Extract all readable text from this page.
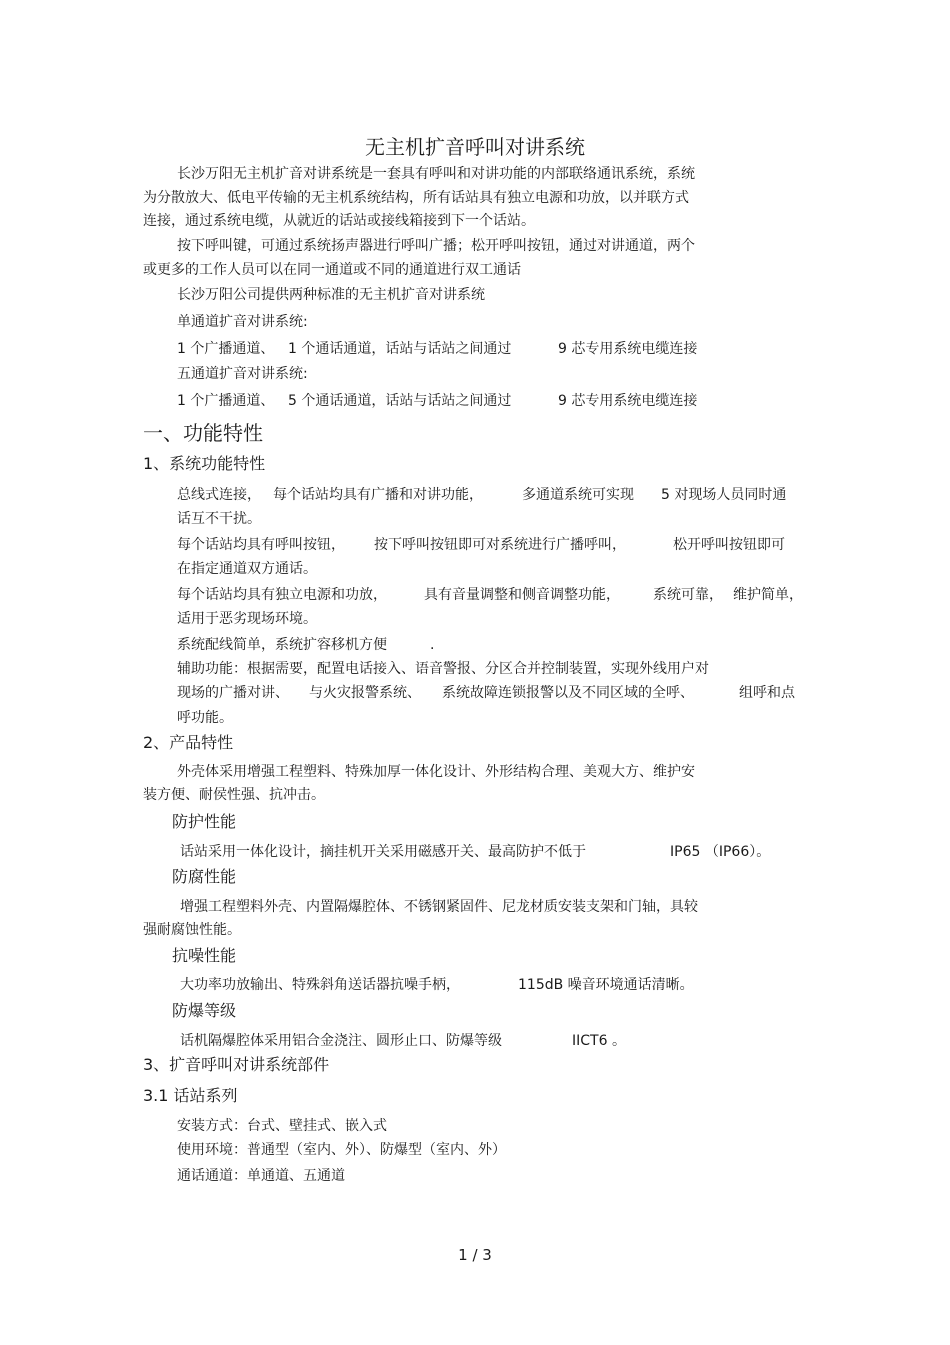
无主机扩音呼叫对讲系统
长沙万阳无主机扩音对讲系统是一套具有呼叫和对讲功能的内部联络通讯系统，系统
为分散放大、低电平传输的无主机系统结构，所有话站具有独立电源和功放，以并联方式
连接，通过系统电缆，从就近的话站或接线箱接到下一个话站。
按下呼叫键，可通过系统扬声器进行呼叫广播；松开呼叫按钮，通过对讲通道，两个
或更多的工作人员可以在同一通道或不同的通道进行双工通话
长沙万阳公司提供两种标准的无主机扩音对讲系统
单通道扩音对讲系统:
1 个广播通道、 1 个通话通道，话站与话站之间通过	9 芯专用系统电缆连接
五通道扩音对讲系统:
1 个广播通道、 5 个通话通道，话站与话站之间通过	9 芯专用系统电缆连接
一、功能特性
1、系统功能特性
总线式连接， 每个话站均具有广播和对讲功能，	多通道系统可实现 5 对现场人员同时通
话互不干扰。
每个话站均具有呼叫按钮， 按下呼叫按钮即可对系统进行广播呼叫，	松开呼叫按钮即可
在指定通道双方通话。
每个话站均具有独立电源和功放，	具有音量调整和侧音调整功能， 系统可靠， 维护简单，
适用于恶劣现场环境。
系统配线简单，系统扩容移机方便	.
辅助功能：根据需要，配置电话接入、语音警报、分区合并控制装置，实现外线用户对
现场的广播对讲、 与火灾报警系统、 系统故障连锁报警以及不同区域的全呼、	组呼和点
呼功能。
2、产品特性
外壳体采用增强工程塑料、特殊加厚一体化设计、外形结构合理、美观大方、维护安
装方便、耐侯性强、抗冲击。
防护性能
话站采用一体化设计，摘挂机开关采用磁感开关、最高防护不低于	IP65 （IP66）。
防腐性能
增强工程塑料外壳、内置隔爆腔体、不锈钢紧固件、尼龙材质安装支架和门轴，具较
强耐腐蚀性能。
抗噪性能
大功率功放输出、特殊斜角送话器抗噪手柄，	115dB 噪音环境通话清晰。
防爆等级
话机隔爆腔体采用铝合金浇注、圆形止口、防爆等级	IICT6 。
3、扩音呼叫对讲系统部件
3.1 话站系列
安装方式：台式、壁挂式、嵌入式
使用环境：普通型（室内、外）、防爆型（室内、外）
通话通道：单通道、五通道
1 / 3
